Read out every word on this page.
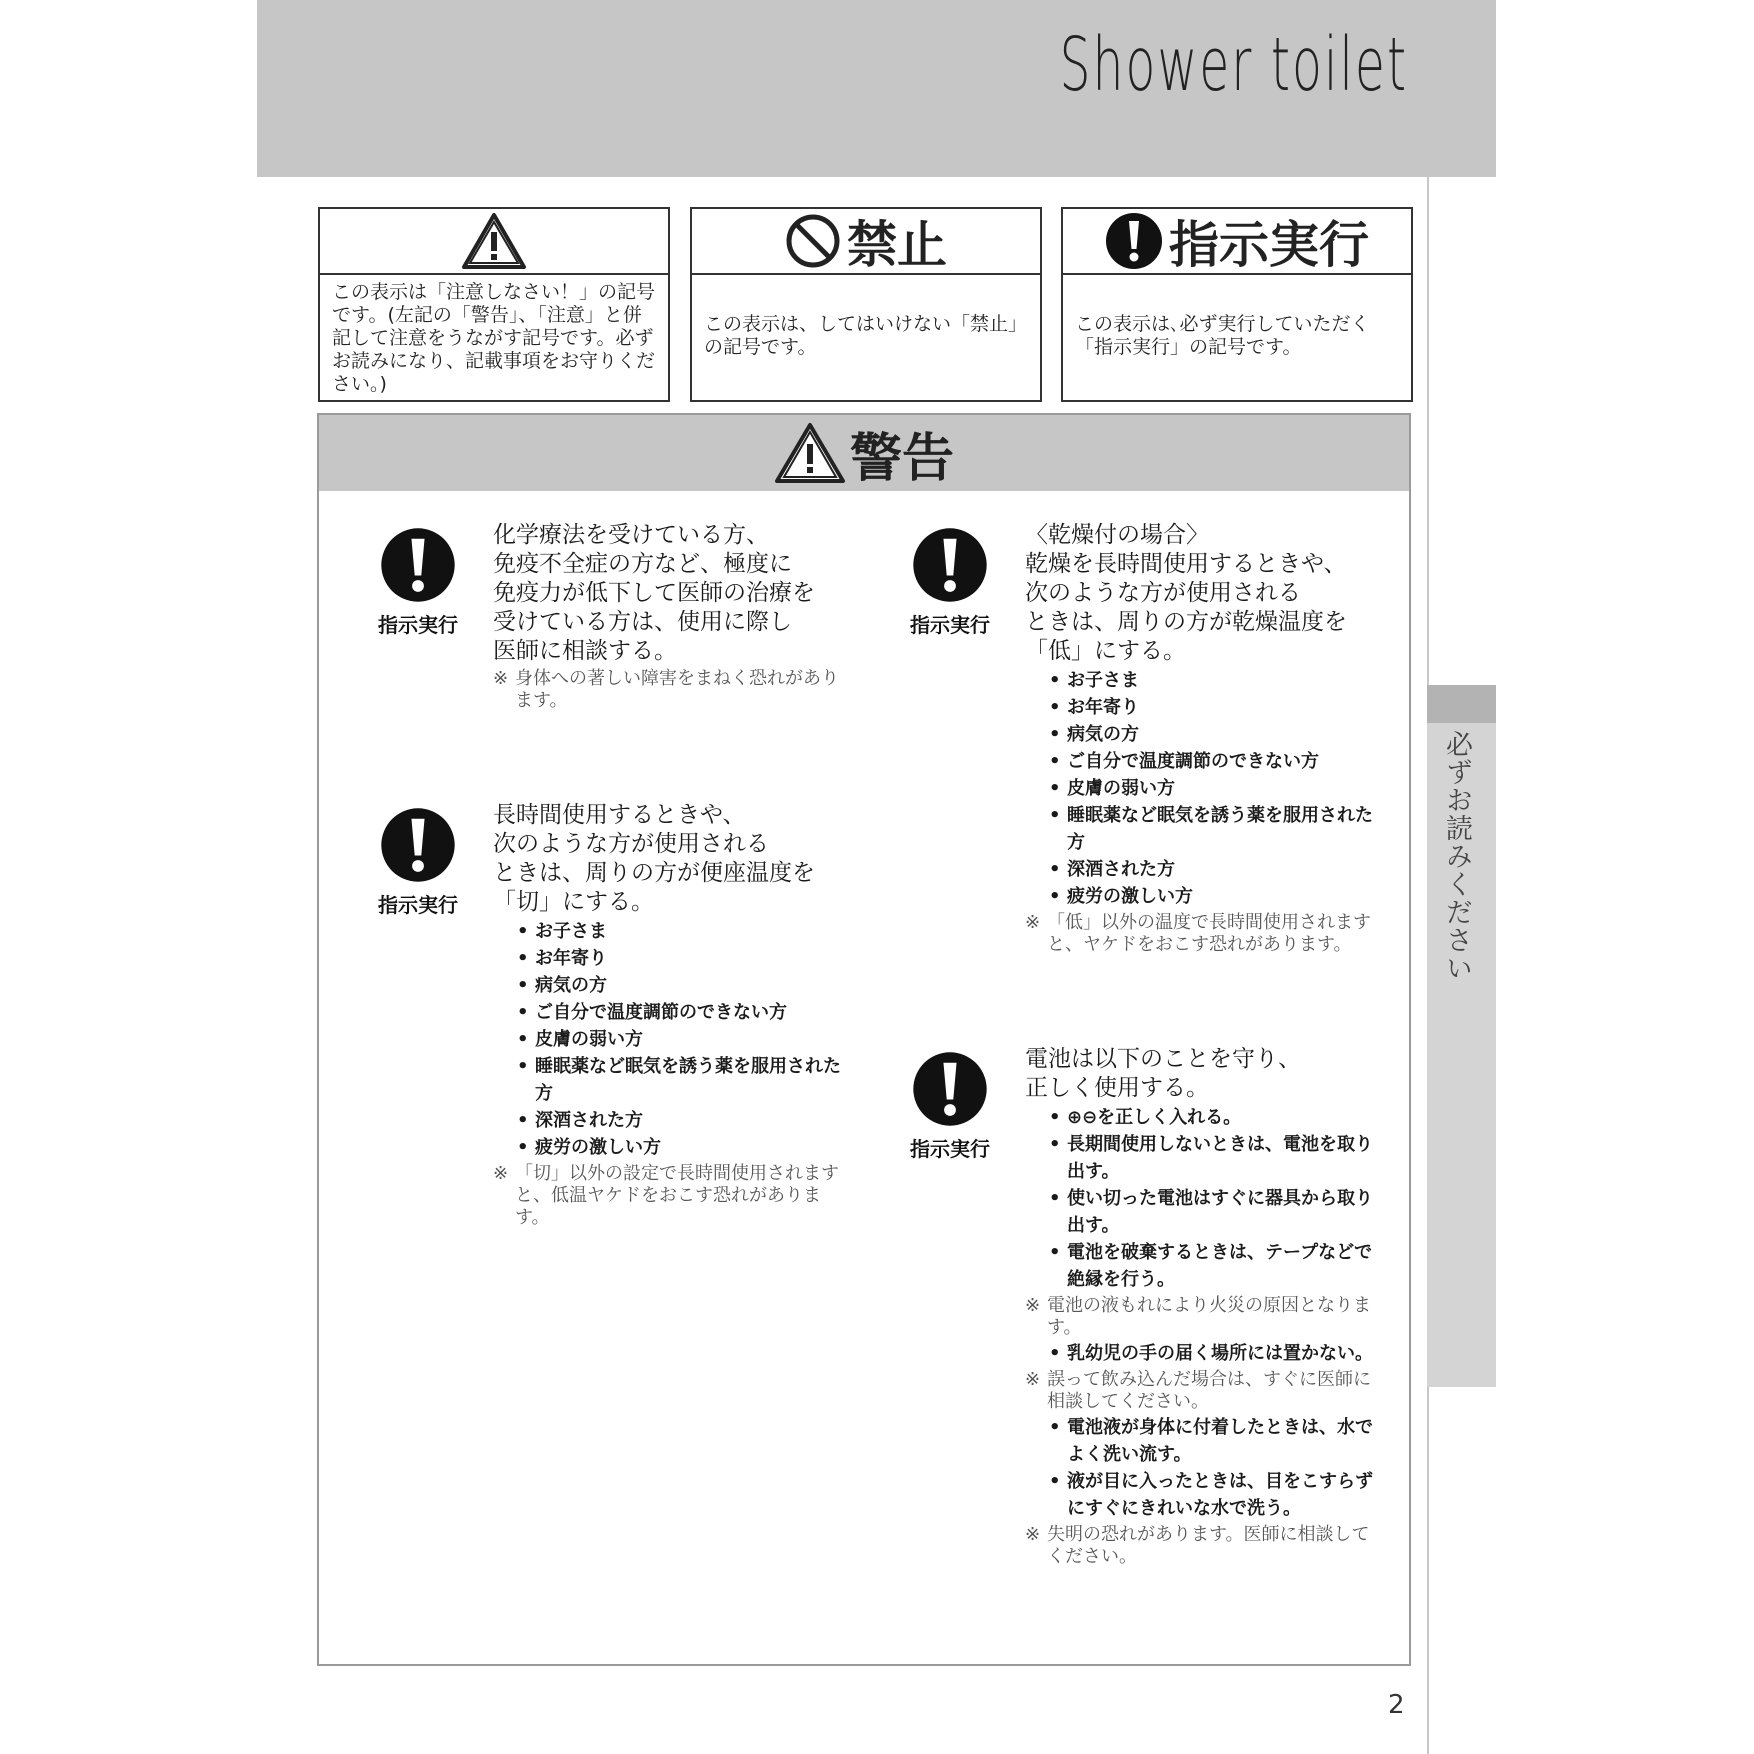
Shower toilet
必ずお読みください
この表示は「注意しなさい！」の記号です。(左記の「警告」、「注意」と併記して注意をうながす記号です。必ずお読みになり、記載事項をお守りください。)
禁止
この表示は、してはいけない「禁止」の記号です。
指示実行
この表示は､必ず実行していただく「指示実行」の記号です。
警告
指示実行
化学療法を受けている方、
免疫不全症の方など、極度に
免疫力が低下して医師の治療を
受けている方は、使用に際し
医師に相談する。
※ 身体への著しい障害をまねく恐れがあります。
指示実行
長時間使用するときや、
次のような方が使用される
ときは、周りの方が便座温度を
「切」にする。
• お子さま
• お年寄り
• 病気の方
• ご自分で温度調節のできない方
• 皮膚の弱い方
• 睡眠薬など眠気を誘う薬を服用された方
• 深酒された方
• 疲労の激しい方
※ 「切」以外の設定で長時間使用されますと、低温ヤケドをおこす恐れがあります。
指示実行
〈乾燥付の場合〉
乾燥を長時間使用するときや、
次のような方が使用される
ときは、周りの方が乾燥温度を
「低」にする。
• お子さま
• お年寄り
• 病気の方
• ご自分で温度調節のできない方
• 皮膚の弱い方
• 睡眠薬など眠気を誘う薬を服用された方
• 深酒された方
• 疲労の激しい方
※ 「低」以外の温度で長時間使用されますと、ヤケドをおこす恐れがあります。
指示実行
電池は以下のことを守り、
正しく使用する。
• ⊕⊖を正しく入れる。
• 長期間使用しないときは、電池を取り出す。
• 使い切った電池はすぐに器具から取り出す。
• 電池を破棄するときは、テープなどで絶縁を行う。
※ 電池の液もれにより火災の原因となります。
• 乳幼児の手の届く場所には置かない。
※ 誤って飲み込んだ場合は、すぐに医師に相談してください。
• 電池液が身体に付着したときは、水でよく洗い流す。
• 液が目に入ったときは、目をこすらずにすぐにきれいな水で洗う。
※ 失明の恐れがあります。医師に相談してください。
2
